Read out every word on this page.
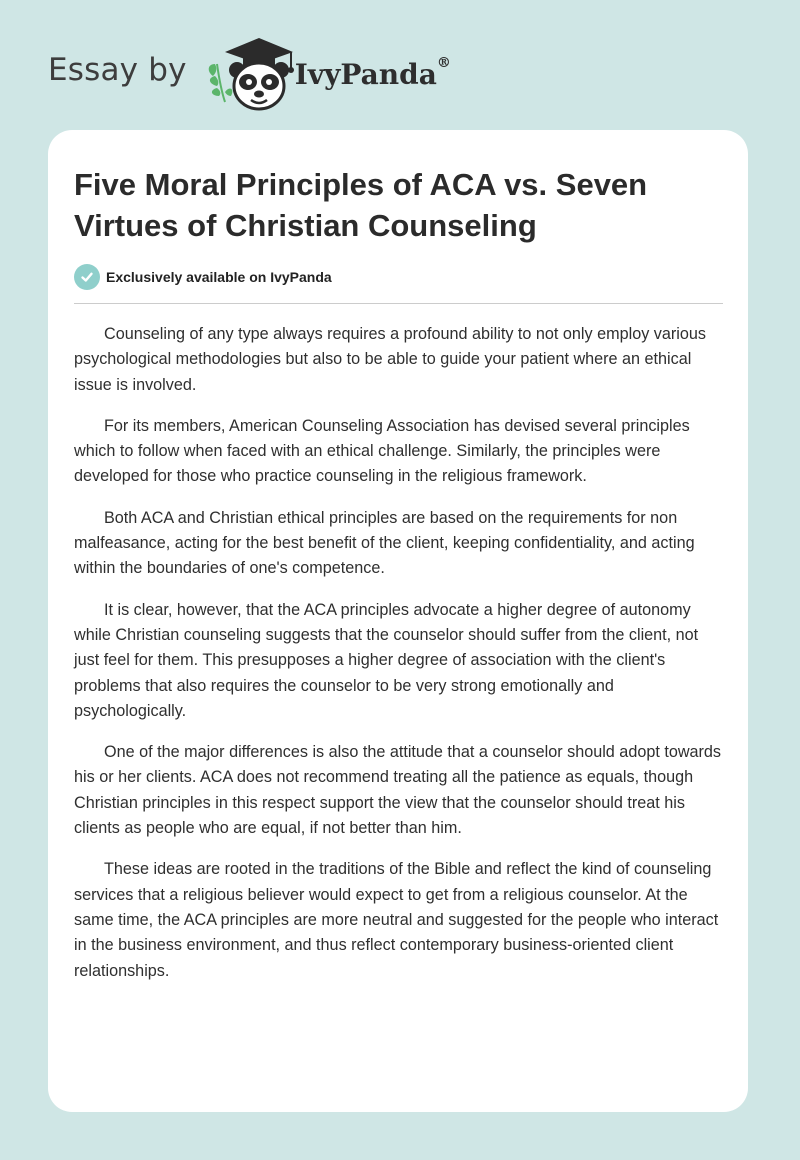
Essay by	IvyPanda®
Five Moral Principles of ACA vs. Seven Virtues of Christian Counseling
Exclusively available on IvyPanda

Counseling of any type always requires a profound ability to not only employ various psychological methodologies but also to be able to guide your patient where an ethical issue is involved.

For its members, American Counseling Association has devised several principles which to follow when faced with an ethical challenge. Similarly, the principles were developed for those who practice counseling in the religious framework.

Both ACA and Christian ethical principles are based on the requirements for non malfeasance, acting for the best benefit of the client, keeping confidentiality, and acting within the boundaries of one's competence.

It is clear, however, that the ACA principles advocate a higher degree of autonomy while Christian counseling suggests that the counselor should suffer from the client, not just feel for them. This presupposes a higher degree of association with the client's problems that also requires the counselor to be very strong emotionally and psychologically.

One of the major differences is also the attitude that a counselor should adopt towards his or her clients. ACA does not recommend treating all the patience as equals, though Christian principles in this respect support the view that the counselor should treat his clients as people who are equal, if not better than him.

These ideas are rooted in the traditions of the Bible and reflect the kind of counseling services that a religious believer would expect to get from a religious counselor. At the same time, the ACA principles are more neutral and suggested for the people who interact in the business environment, and thus reflect contemporary business-oriented client relationships.
